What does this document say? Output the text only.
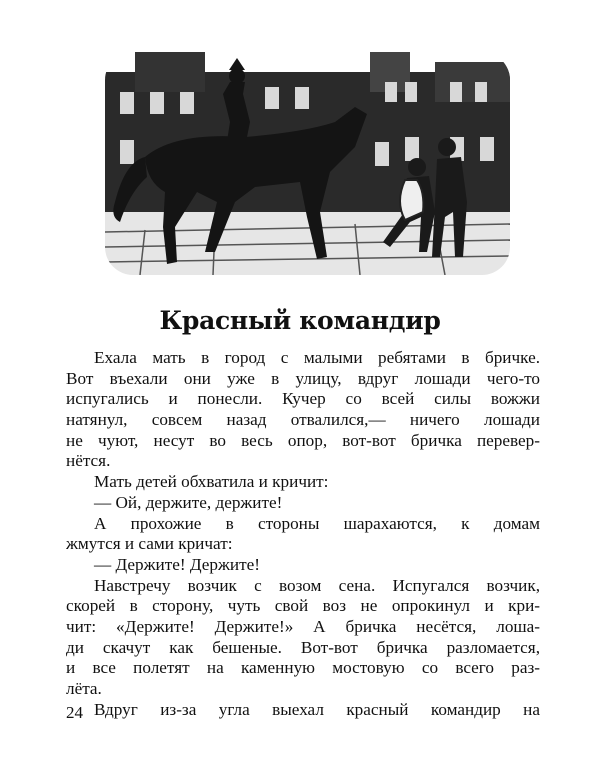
Красный командир
Ехала мать в город с малыми ребятами в бричке.
Вот въехали они уже в улицу, вдруг лошади чего-то
испугались и понесли. Кучер со всей силы вожжи
натянул, совсем назад отвалился,— ничего лошади
не чуют, несут во весь опор, вот-вот бричка перевер-
нётся.
Мать детей обхватила и кричит:
— Ой, держите, держите!
А прохожие в стороны шарахаются, к домам
жмутся и сами кричат:
— Держите! Держите!
Навстречу возчик с возом сена. Испугался возчик,
скорей в сторону, чуть свой воз не опрокинул и кри-
чит: «Держите! Держите!» А бричка несётся, лоша-
ди скачут как бешеные. Вот-вот бричка разломается,
и все полетят на каменную мостовую со всего раз-
лёта.
Вдруг из-за угла выехал красный командир на
24
